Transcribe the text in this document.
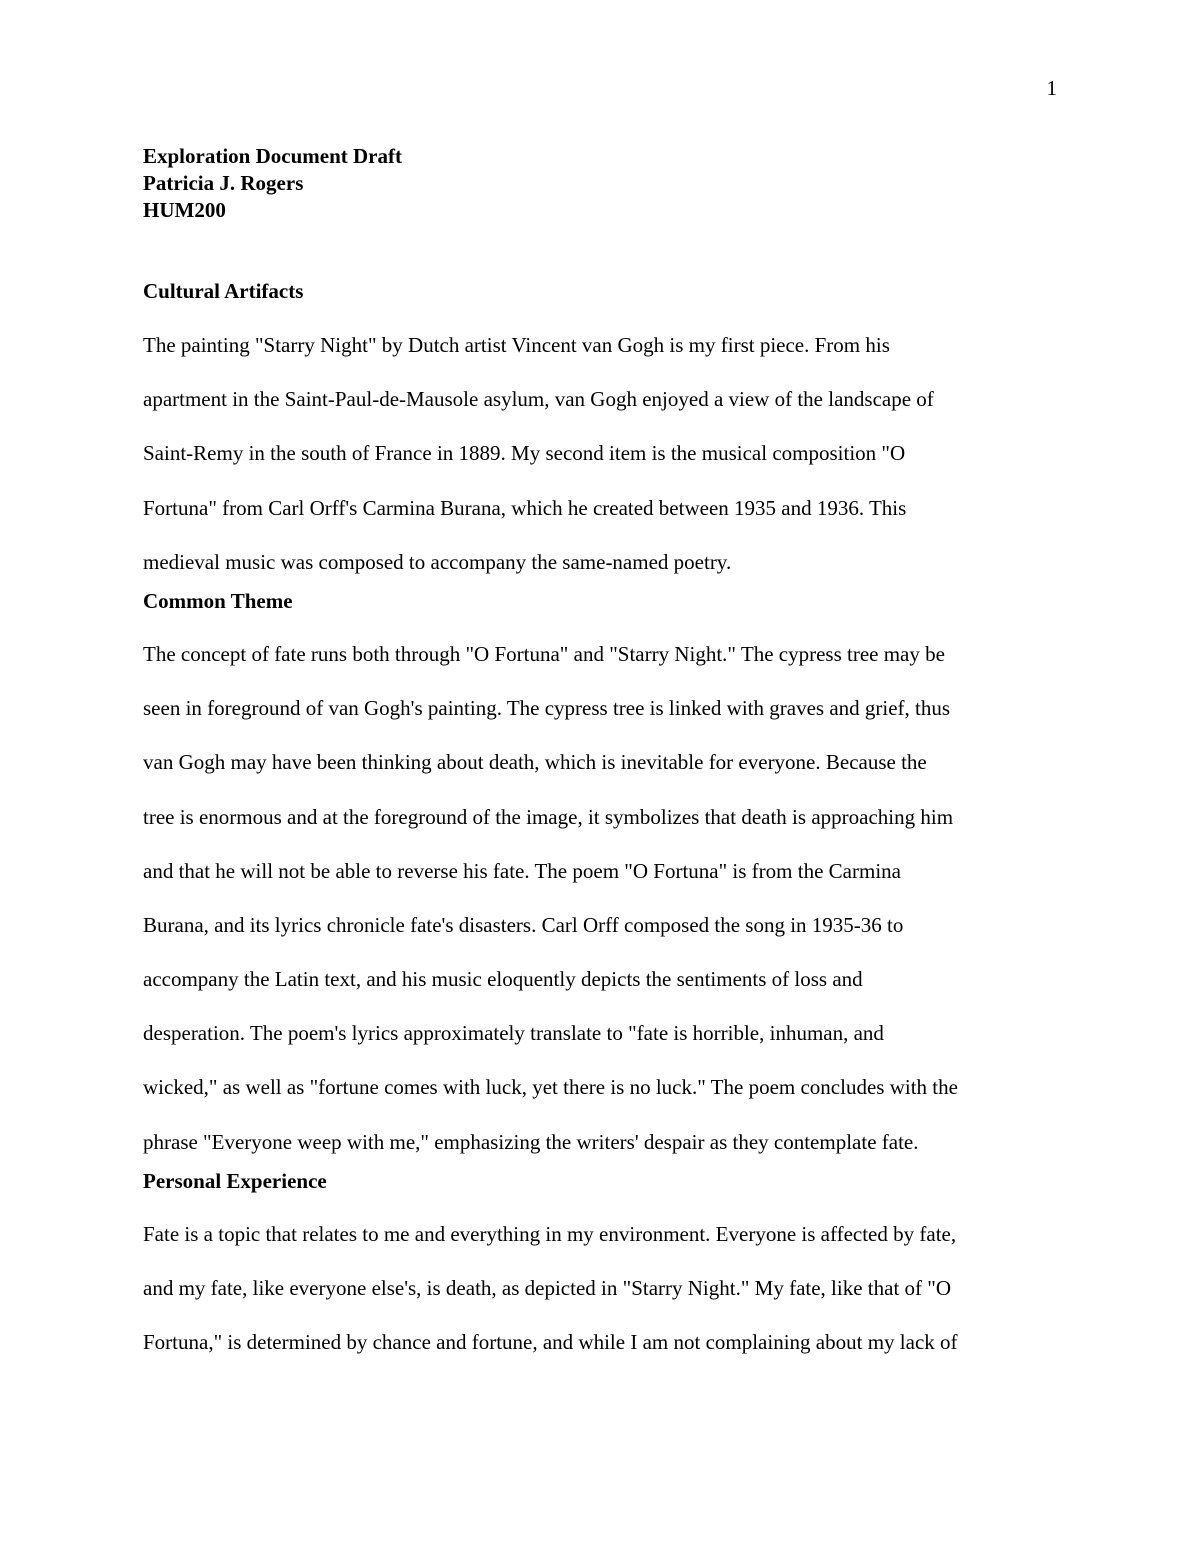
1
Exploration Document Draft
Patricia J. Rogers
HUM200
Cultural Artifacts
The painting "Starry Night" by Dutch artist Vincent van Gogh is my first piece. From his
apartment in the Saint-Paul-de-Mausole asylum, van Gogh enjoyed a view of the landscape of
Saint-Remy in the south of France in 1889. My second item is the musical composition "O
Fortuna" from Carl Orff's Carmina Burana, which he created between 1935 and 1936. This
medieval music was composed to accompany the same-named poetry.
Common Theme
The concept of fate runs both through "O Fortuna" and "Starry Night." The cypress tree may be
seen in foreground of van Gogh's painting. The cypress tree is linked with graves and grief, thus
van Gogh may have been thinking about death, which is inevitable for everyone. Because the
tree is enormous and at the foreground of the image, it symbolizes that death is approaching him
and that he will not be able to reverse his fate. The poem "O Fortuna" is from the Carmina
Burana, and its lyrics chronicle fate's disasters. Carl Orff composed the song in 1935-36 to
accompany the Latin text, and his music eloquently depicts the sentiments of loss and
desperation. The poem's lyrics approximately translate to "fate is horrible, inhuman, and
wicked," as well as "fortune comes with luck, yet there is no luck." The poem concludes with the
phrase "Everyone weep with me," emphasizing the writers' despair as they contemplate fate.
Personal Experience
Fate is a topic that relates to me and everything in my environment. Everyone is affected by fate,
and my fate, like everyone else's, is death, as depicted in "Starry Night." My fate, like that of "O
Fortuna," is determined by chance and fortune, and while I am not complaining about my lack of
